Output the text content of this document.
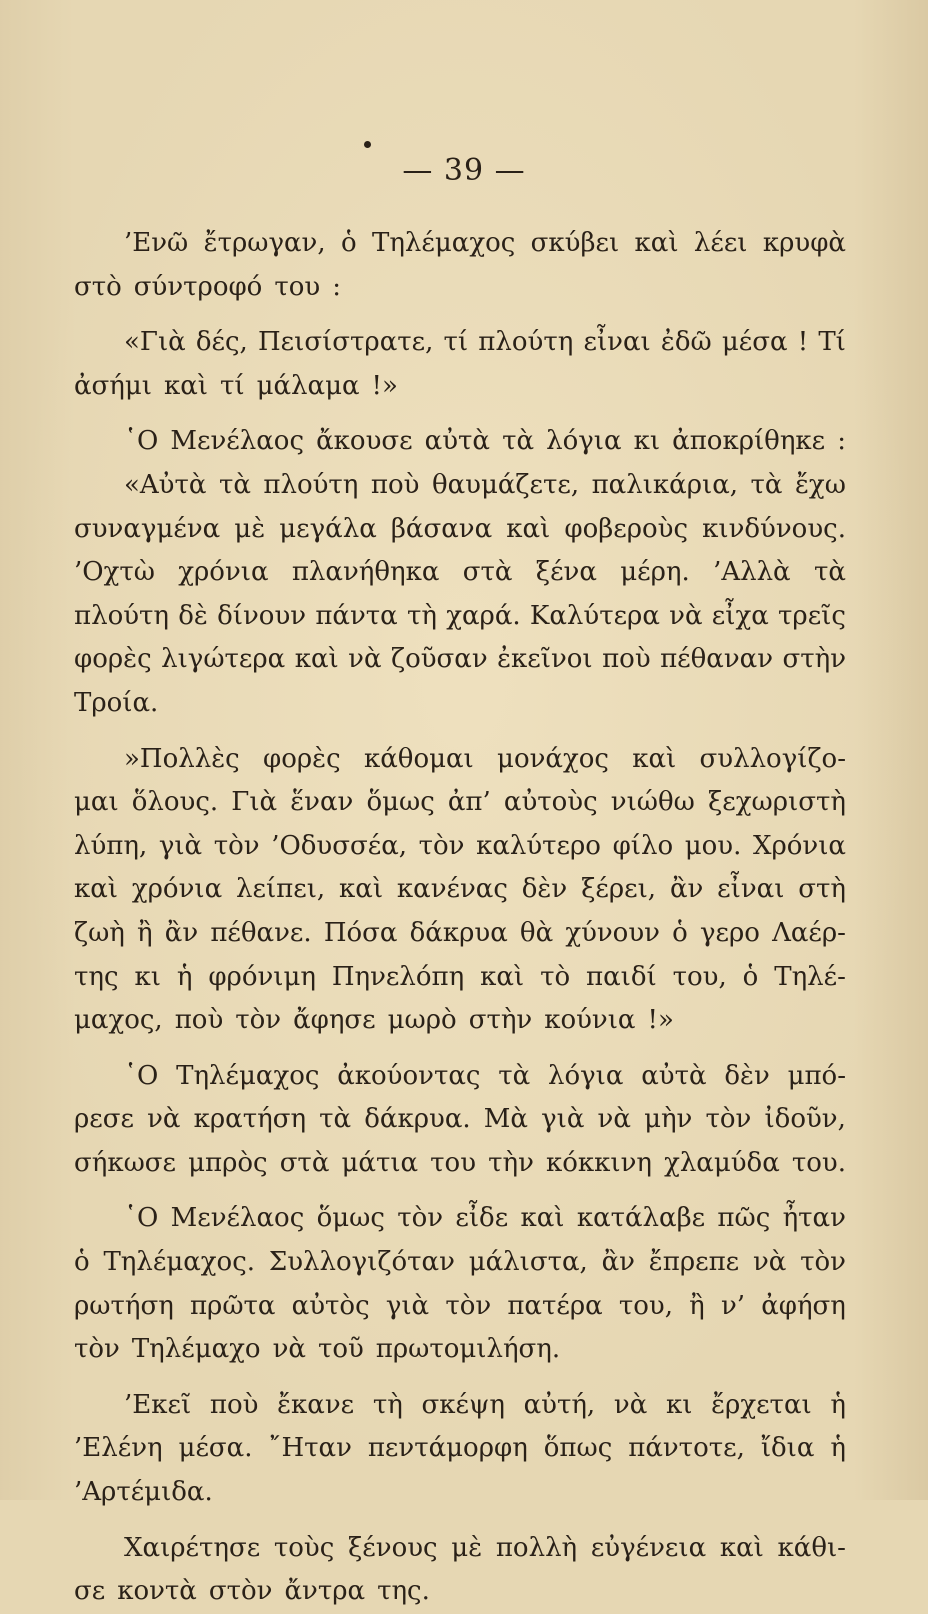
— 39 —
’Ενῶ ἔτρωγαν, ὁ Τηλέμαχος σκύβει καὶ λέει κρυφὰ
στὸ σύντροφό του :
«Γιὰ δές, Πεισίστρατε, τί πλούτη εἶναι ἐδῶ μέσα ! Τί
ἀσήμι καὶ τί μάλαμα !»
῾Ο Μενέλαος ἄκουσε αὐτὰ τὰ λόγια κι ἀποκρίθηκε :
«Αὐτὰ τὰ πλούτη ποὺ θαυμάζετε, παλικάρια, τὰ ἔχω
συναγμένα μὲ μεγάλα βάσανα καὶ φοβεροὺς κινδύνους.
’Οχτὼ χρόνια πλανήθηκα στὰ ξένα μέρη. ’Αλλὰ τὰ
πλούτη δὲ δίνουν πάντα τὴ χαρά. Καλύτερα νὰ εἶχα τρεῖς
φορὲς λιγώτερα καὶ νὰ ζοῦσαν ἐκεῖνοι ποὺ πέθαναν στὴν
Τροία.
»Πολλὲς φορὲς κάθομαι μονάχος καὶ συλλογίζο-
μαι ὅλους. Γιὰ ἕναν ὅμως ἀπ’ αὐτοὺς νιώθω ξεχωριστὴ
λύπη, γιὰ τὸν ’Οδυσσέα, τὸν καλύτερο φίλο μου. Χρόνια
καὶ χρόνια λείπει, καὶ κανένας δὲν ξέρει, ἂν εἶναι στὴ
ζωὴ ἢ ἂν πέθανε. Πόσα δάκρυα θὰ χύνουν ὁ γερο Λαέρ-
της κι ἡ φρόνιμη Πηνελόπη καὶ τὸ παιδί του, ὁ Τηλέ-
μαχος, ποὺ τὸν ἄφησε μωρὸ στὴν κούνια !»
῾Ο Τηλέμαχος ἀκούοντας τὰ λόγια αὐτὰ δὲν μπό-
ρεσε νὰ κρατήση τὰ δάκρυα. Μὰ γιὰ νὰ μὴν τὸν ἰδοῦν,
σήκωσε μπρὸς στὰ μάτια του τὴν κόκκινη χλαμύδα του.
῾Ο Μενέλαος ὅμως τὸν εἶδε καὶ κατάλαβε πῶς ἦταν
ὁ Τηλέμαχος. Συλλογιζόταν μάλιστα, ἂν ἔπρεπε νὰ τὸν
ρωτήση πρῶτα αὐτὸς γιὰ τὸν πατέρα του, ἢ ν’ ἀφήση
τὸν Τηλέμαχο νὰ τοῦ πρωτομιλήση.
’Εκεῖ ποὺ ἔκανε τὴ σκέψη αὐτή, νὰ κι ἔρχεται ἡ
’Ελένη μέσα. ῎Ηταν πεντάμορφη ὅπως πάντοτε, ἴδια ἡ
’Αρτέμιδα.
Χαιρέτησε τοὺς ξένους μὲ πολλὴ εὐγένεια καὶ κάθι-
σε κοντὰ στὸν ἄντρα της.
